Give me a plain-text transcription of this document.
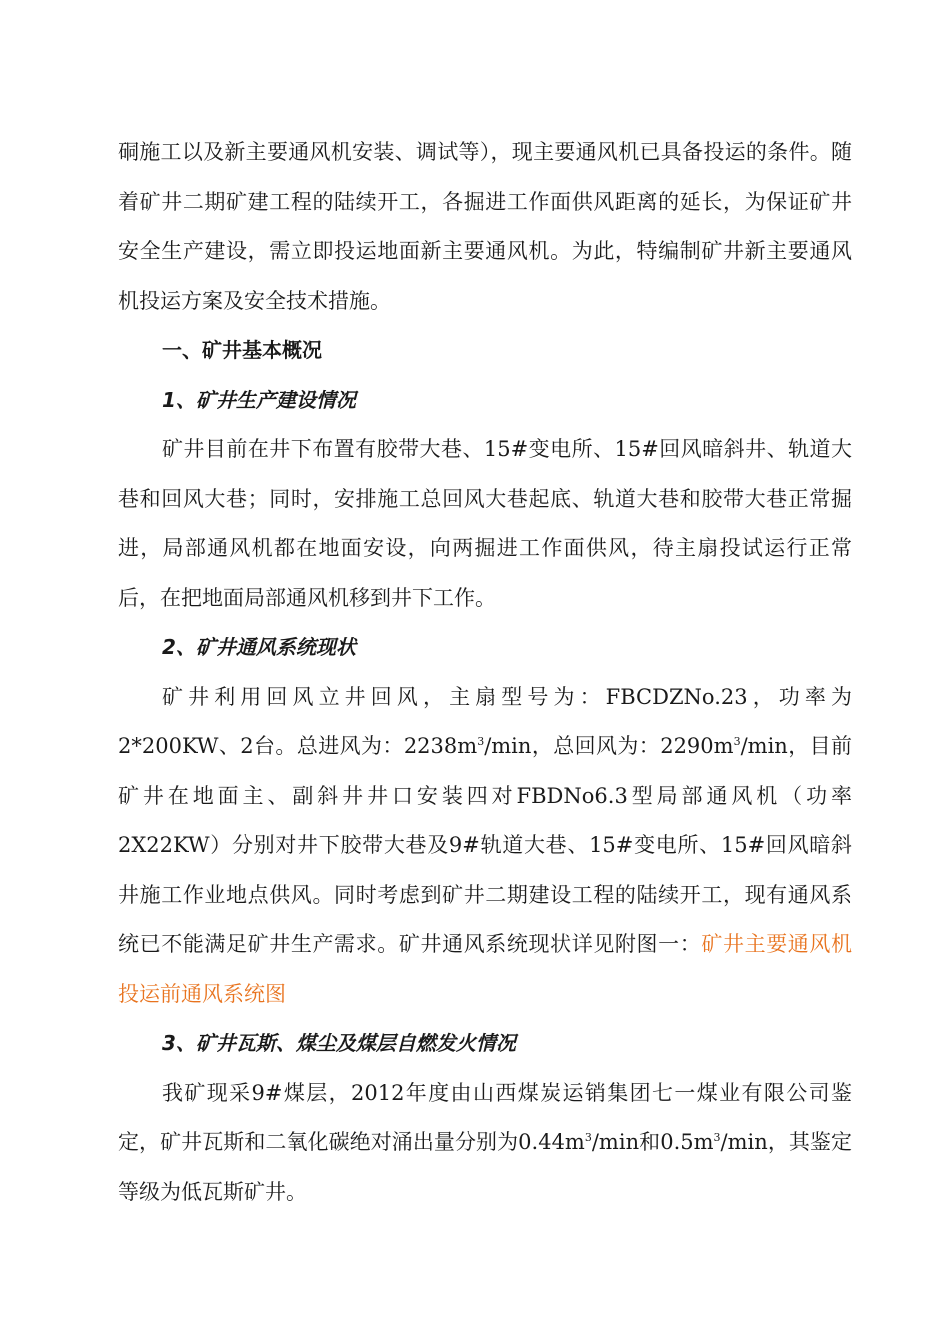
硐施工以及新主要通风机安装、调试等），现主要通风机已具备投运的条件。随着矿井二期矿建工程的陆续开工，各掘进工作面供风距离的延长，为保证矿井安全生产建设，需立即投运地面新主要通风机。为此，特编制矿井新主要通风机投运方案及安全技术措施。

一、矿井基本概况

1、矿井生产建设情况

矿井目前在井下布置有胶带大巷、15#变电所、15#回风暗斜井、轨道大巷和回风大巷；同时，安排施工总回风大巷起底、轨道大巷和胶带大巷正常掘进，局部通风机都在地面安设，向两掘进工作面供风，待主扇投试运行正常后，在把地面局部通风机移到井下工作。

2、矿井通风系统现状

矿井利用回风立井回风，主扇型号为：FBCDZNo.23，功率为2*200KW、2台。总进风为：$2238m^3/\min$，总回风为：$2290m^3/\min$，目前矿井在地面主、副斜井井口安装四对FBDNo6.3型局部通风机（功率2X22KW）分别对井下胶带大巷及9#轨道大巷、15#变电所、15#回风暗斜井施工作业地点供风。同时考虑到矿井二期建设工程的陆续开工，现有通风系统已不能满足矿井生产需求。矿井通风系统现状详见附图一：矿井主要通风机投运前通风系统图

3、矿井瓦斯、煤尘及煤层自燃发火情况

我矿现采9#煤层，2012年度由山西煤炭运销集团七一煤业有限公司鉴定，矿井瓦斯和二氧化碳绝对涌出量分别为$0.44m^3/\min$和$0.5m^3/\min$，其鉴定等级为低瓦斯矿井。
